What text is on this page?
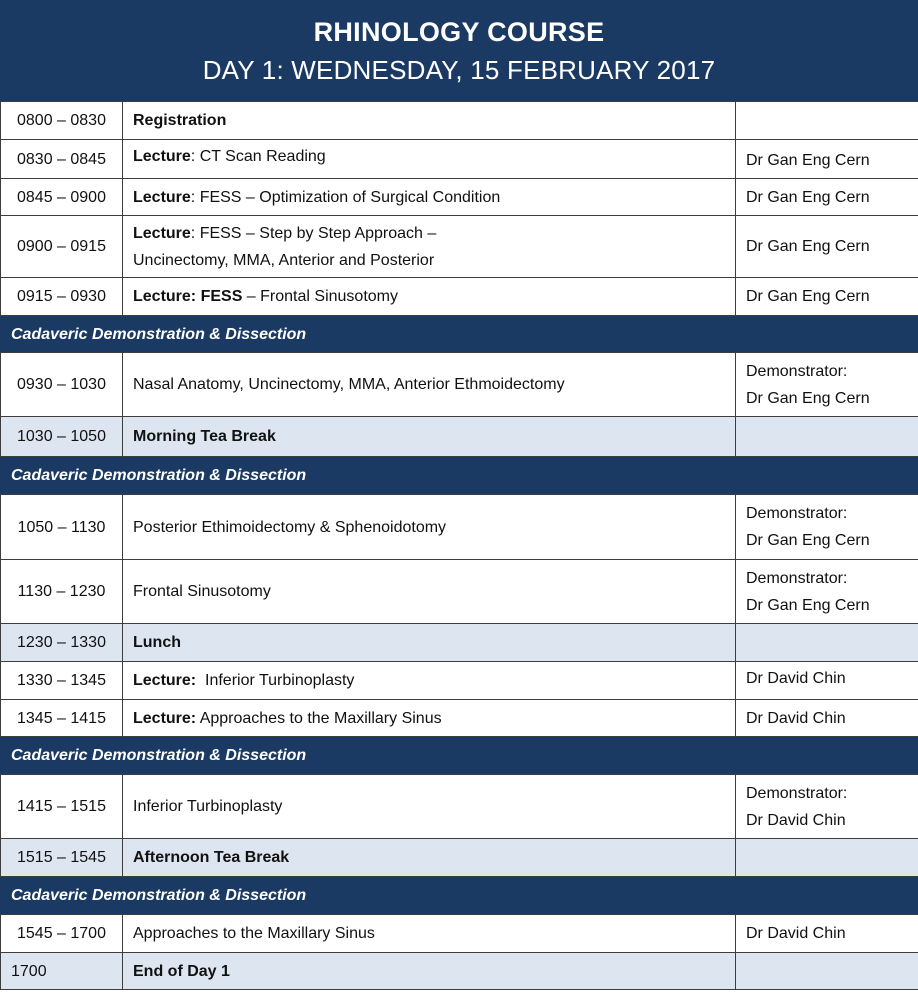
RHINOLOGY COURSE
DAY 1: WEDNESDAY, 15 FEBRUARY 2017
0800 – 0830	Registration	
0830 – 0845	Lecture: CT Scan Reading	Dr Gan Eng Cern
0845 – 0900	Lecture: FESS – Optimization of Surgical Condition	Dr Gan Eng Cern
0900 – 0915	Lecture: FESS – Step by Step Approach –
Uncinectomy, MMA, Anterior and Posterior	Dr Gan Eng Cern
0915 – 0930	Lecture: FESS – Frontal Sinusotomy	Dr Gan Eng Cern
Cadaveric Demonstration & Dissection		
0930 – 1030	Nasal Anatomy, Uncinectomy, MMA, Anterior Ethmoidectomy	Demonstrator:
Dr Gan Eng Cern

1030 – 1050	Morning Tea Break	
Cadaveric Demonstration & Dissection		
1050 – 1130	Posterior Ethimoidectomy & Sphenoidotomy	Demonstrator:
Dr Gan Eng Cern

1130 – 1230	Frontal Sinusotomy	Demonstrator:
Dr Gan Eng Cern

1230 – 1330	Lunch	
1330 – 1345	Lecture:  Inferior Turbinoplasty	Dr David Chin
1345 – 1415	Lecture: Approaches to the Maxillary Sinus	Dr David Chin
Cadaveric Demonstration & Dissection		
1415 – 1515	Inferior Turbinoplasty	Demonstrator:
Dr David Chin

1515 – 1545	Afternoon Tea Break	
Cadaveric Demonstration & Dissection		
1545 – 1700	Approaches to the Maxillary Sinus	Dr David Chin
1700	End of Day 1	
